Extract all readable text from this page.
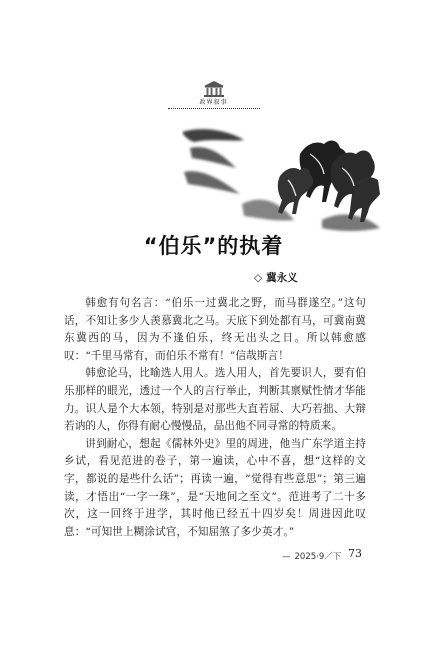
政界叙事
“伯乐”的执着
◇ 冀永义

韩愈有句名言：“伯乐一过冀北之野，而马群遂空。”这句话，不知让多少人羡慕冀北之马。天底下到处都有马，可冀南冀东冀西的马，因为不逢伯乐，终无出头之日。所以韩愈感叹：“千里马常有，而伯乐不常有！”信哉斯言！

韩愈论马，比喻选人用人。选人用人，首先要识人，要有伯乐那样的眼光，透过一个人的言行举止，判断其禀赋性情才华能力。识人是个大本领，特别是对那些大直若屈、大巧若拙、大辩若讷的人，你得有耐心慢慢品，品出他不同寻常的特质来。

讲到耐心，想起《儒林外史》里的周进，他当广东学道主持乡试，看见范进的卷子，第一遍读，心中不喜，想“这样的文字，都说的是些什么话”；再读一遍，“觉得有些意思”；第三遍读，才悟出“一字一珠”，是“天地间之至文”。范进考了二十多次，这一回终于进学，其时他已经五十四岁矣！周进因此叹息：“可知世上糊涂试官，不知屈煞了多少英才。”

— 2025·9／下 73
